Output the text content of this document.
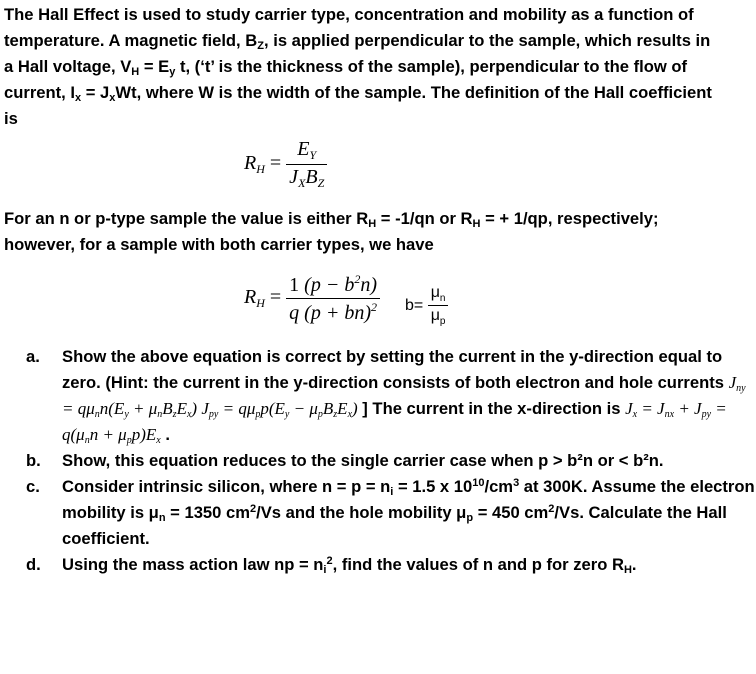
The Hall Effect is used to study carrier type, concentration and mobility as a function of temperature. A magnetic field, $B_Z$, is applied perpendicular to the sample, which results in a Hall voltage, $V_H = E_y$ t, (‘t’ is the thickness of the sample), perpendicular to the flow of current, $I_x = J_xWt$, where W is the width of the sample. The definition of the Hall coefficient is

$R_H = \frac{E_Y}{J_XB_Z}$

For an n or p-type sample the value is either $R_H = -1/qn$ or $R_H$ = + 1/qp, respectively; however, for a sample with both carrier types, we have

$R_H = \frac{1 (p - b^2n)}{q (p + bn)^2} b= \frac{\mu_n}{\mu_p}$
a. Show the above equation is correct by setting the current in the y-direction equal to zero. (Hint: the current in the y-direction consists of both electron and hole currents $J_{ny} = q\mu_nn(E_y + \mu_nB_zE_x) J_{py} = q\mu_pp(E_y - \mu_pB_zE_x)$ ] The current in the x-direction is $J_x = J_{nx} + J_{py} = q(\mu_nn + \mu_pp)E_x$ .
b. Show, this equation reduces to the single carrier case when p > b²n or < b²n.
c. Consider intrinsic silicon, where $n = p = n_i = 1.5$ x $10^{10}/cm^3$ at 300K. Assume the electron mobility is $\mu_n = 1350$ $cm^2/Vs$ and the hole mobility $\mu_p = 450$ $cm^2/Vs$. Calculate the Hall coefficient.
d. Using the mass action law np = $n_i^2$, find the values of n and p for zero $R_H$.
